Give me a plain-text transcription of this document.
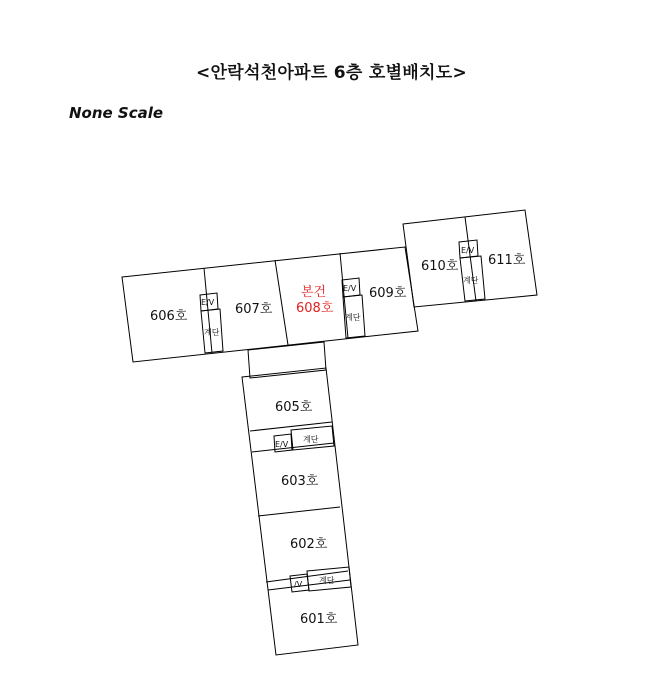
<안락석천아파트 6층 호별배치도>
None Scale
606호	607호
본건
608호
609호
610호 611호
605호
603호
602호
601호
E/V
계단
E/V
계단
E/V
계단
E/V
계단
/V 계단
